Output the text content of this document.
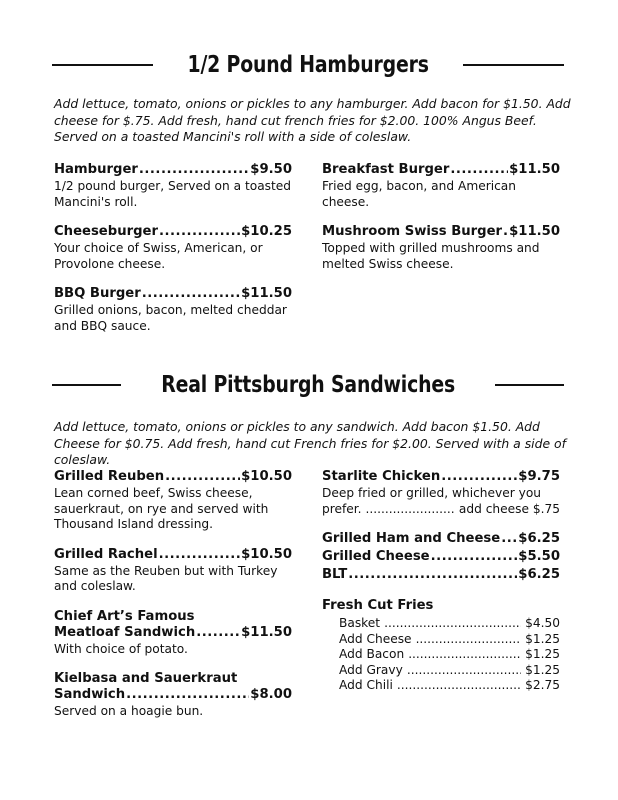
1/2 Pound Hamburgers

Add lettuce, tomato, onions or pickles to any hamburger. Add bacon for $1.50. Add cheese for $.75. Add fresh, hand cut french fries for $2.00. 100% Angus Beef. Served on a toasted Mancini's roll with a side of coleslaw.

Hamburger .....	$9.50
1/2 pound burger, Served on a toasted Mancini's roll.
Cheeseburger .....	$10.25
Your choice of Swiss, American, or Provolone cheese.
BBQ Burger .....	$11.50
Grilled onions, bacon, melted cheddar and BBQ sauce.
Breakfast Burger .....	$11.50
Fried egg, bacon, and American cheese.
Mushroom Swiss Burger ..... $11.50
Topped with grilled mushrooms and melted Swiss cheese.
Real Pittsburgh Sandwiches

Add lettuce, tomato, onions or pickles to any sandwich. Add bacon $1.50. Add Cheese for $0.75. Add fresh, hand cut French fries for $2.00. Served with a side of coleslaw.

Grilled Reuben .....	$10.50
Lean corned beef, Swiss cheese, sauerkraut, on rye and served with Thousand Island dressing.
Grilled Rachel .....	$10.50
Same as the Reuben but with Turkey and coleslaw.
Chief Art’s Famous
Meatloaf Sandwich .....	$11.50
With choice of potato.
Kielbasa and Sauerkraut
Sandwich .....	$8.00
Served on a hoagie bun.
Starlite Chicken .....	$9.75
Deep fried or grilled, whichever you
prefer. .....	add cheese $.75
Grilled Ham and Cheese ..... $6.25
Grilled Cheese .....	$5.50
BLT .....	$6.25
Fresh Cut Fries
Basket .....	$4.50
Add Cheese .....	$1.25
Add Bacon .....	$1.25
Add Gravy .....	$1.25
Add Chili .....	$2.75
